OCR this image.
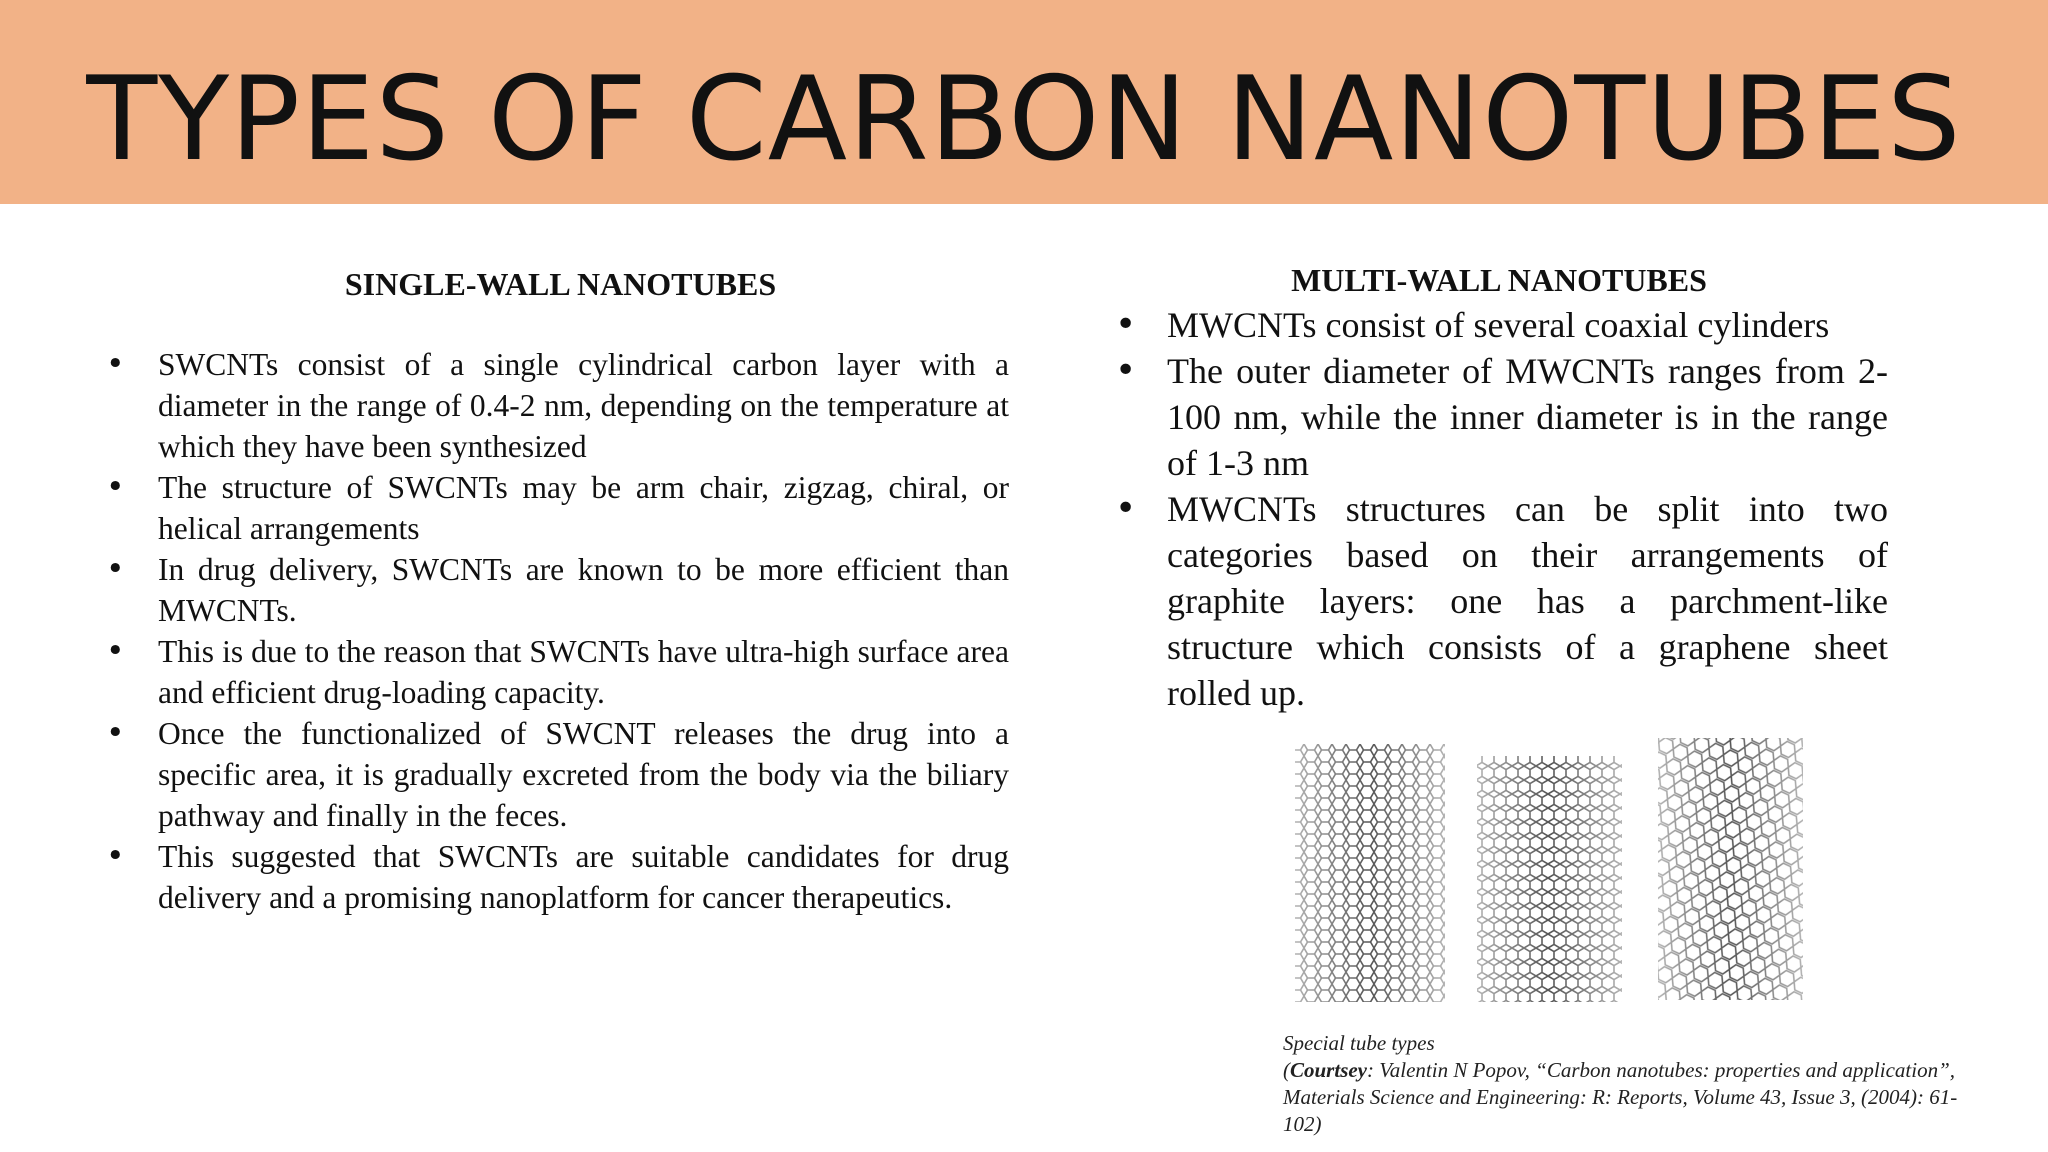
TYPES OF CARBON NANOTUBES

SINGLE-WALL NANOTUBES

• SWCNTs consist of a single cylindrical carbon layer with a diameter in the range of 0.4-2 nm, depending on the temperature at which they have been synthesized
• The structure of SWCNTs may be arm chair, zigzag, chiral, or helical arrangements
• In drug delivery, SWCNTs are known to be more efficient than MWCNTs.
• This is due to the reason that SWCNTs have ultra-high surface area and efficient drug-loading capacity.
• Once the functionalized of SWCNT releases the drug into a specific area, it is gradually excreted from the body via the biliary pathway and finally in the feces.
• This suggested that SWCNTs are suitable candidates for drug delivery and a promising nanoplatform for cancer therapeutics.

MULTI-WALL NANOTUBES

• MWCNTs consist of several coaxial cylinders
• The outer diameter of MWCNTs ranges from 2-100 nm, while the inner diameter is in the range of 1-3 nm
• MWCNTs structures can be split into two categories based on their arrangements of graphite layers: one has a parchment-like structure which consists of a graphene sheet rolled up.
Special tube types
(Courtsey: Valentin N Popov, “Carbon nanotubes: properties and application”, Materials Science and Engineering: R: Reports, Volume 43, Issue 3, (2004): 61-102)
